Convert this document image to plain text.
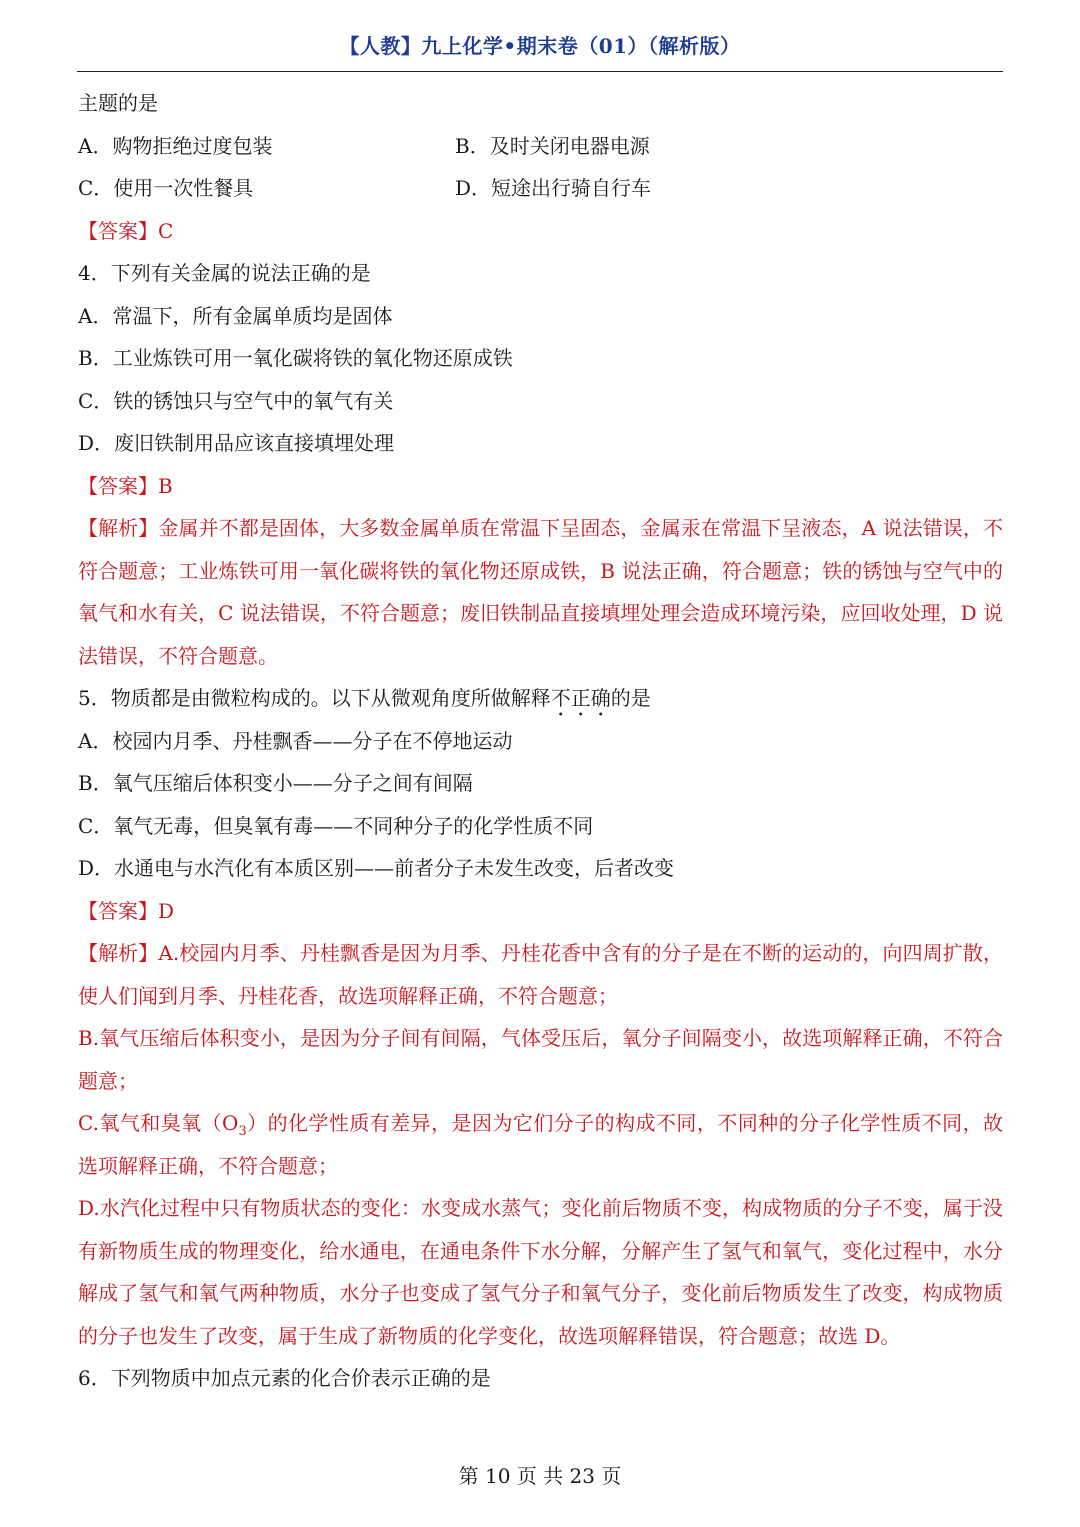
【人教】九上化学•期末卷（01）（解析版）
主题的是
A．购物拒绝过度包装	B．及时关闭电器电源
C．使用一次性餐具	D．短途出行骑自行车
【答案】C
4．下列有关金属的说法正确的是
A．常温下，所有金属单质均是固体
B．工业炼铁可用一氧化碳将铁的氧化物还原成铁
C．铁的锈蚀只与空气中的氧气有关
D．废旧铁制用品应该直接填埋处理
【答案】B
【解析】金属并不都是固体，大多数金属单质在常温下呈固态，金属汞在常温下呈液态，A 说法错误，不符合题意；工业炼铁可用一氧化碳将铁的氧化物还原成铁，B 说法正确，符合题意；铁的锈蚀与空气中的氧气和水有关，C 说法错误，不符合题意；废旧铁制品直接填埋处理会造成环境污染，应回收处理，D 说法错误，不符合题意。
5．物质都是由微粒构成的。以下从微观角度所做解释不正确的是
A．校园内月季、丹桂飘香——分子在不停地运动
B．氧气压缩后体积变小——分子之间有间隔
C．氧气无毒，但臭氧有毒——不同种分子的化学性质不同
D．水通电与水汽化有本质区别——前者分子未发生改变，后者改变
【答案】D
【解析】A.校园内月季、丹桂飘香是因为月季、丹桂花香中含有的分子是在不断的运动的，向四周扩散，使人们闻到月季、丹桂花香，故选项解释正确，不符合题意；
B.氧气压缩后体积变小，是因为分子间有间隔，气体受压后，氧分子间隔变小，故选项解释正确，不符合题意；
C.氧气和臭氧$(O_3)$的化学性质有差异，是因为它们分子的构成不同，不同种的分子化学性质不同，故选项解释正确，不符合题意；
D.水汽化过程中只有物质状态的变化：水变成水蒸气；变化前后物质不变，构成物质的分子不变，属于没有新物质生成的物理变化，给水通电，在通电条件下水分解，分解产生了氢气和氧气，变化过程中，水分解成了氢气和氧气两种物质，水分子也变成了氢气分子和氧气分子，变化前后物质发生了改变，构成物质的分子也发生了改变，属于生成了新物质的化学变化，故选项解释错误，符合题意；故选 D。
6．下列物质中加点元素的化合价表示正确的是
第 10 页 共 23 页
